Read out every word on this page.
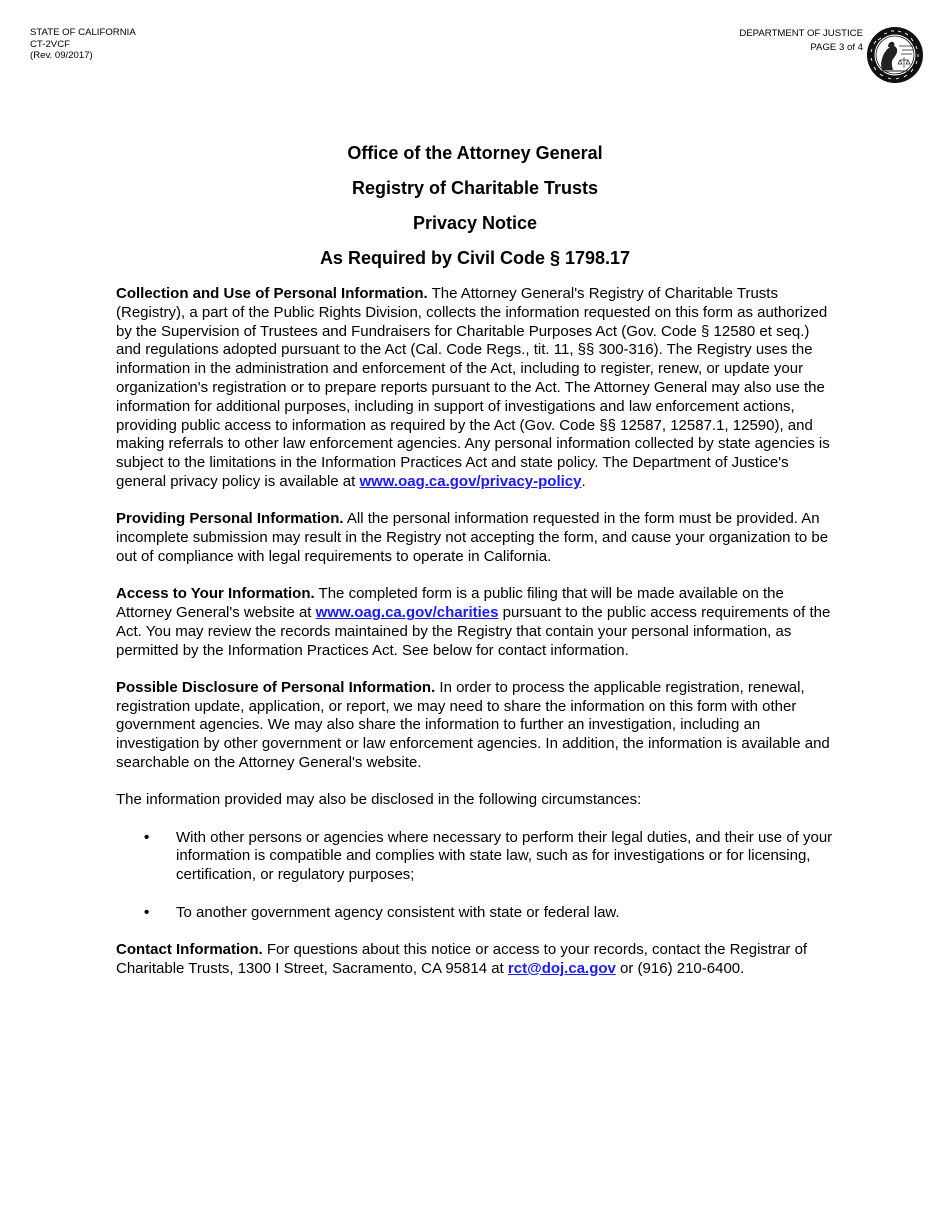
STATE OF CALIFORNIA
CT-2VCF
(Rev. 09/2017)
DEPARTMENT OF JUSTICE
PAGE 3 of 4
Office of the Attorney General
Registry of Charitable Trusts
Privacy Notice
As Required by Civil Code § 1798.17

Collection and Use of Personal Information. The Attorney General's Registry of Charitable Trusts (Registry), a part of the Public Rights Division, collects the information requested on this form as authorized by the Supervision of Trustees and Fundraisers for Charitable Purposes Act (Gov. Code § 12580 et seq.) and regulations adopted pursuant to the Act (Cal. Code Regs., tit. 11, §§ 300-316). The Registry uses the information in the administration and enforcement of the Act, including to register, renew, or update your organization's registration or to prepare reports pursuant to the Act. The Attorney General may also use the information for additional purposes, including in support of investigations and law enforcement actions, providing public access to information as required by the Act (Gov. Code §§ 12587, 12587.1, 12590), and making referrals to other law enforcement agencies. Any personal information collected by state agencies is subject to the limitations in the Information Practices Act and state policy. The Department of Justice's general privacy policy is available at www.oag.ca.gov/privacy-policy.

Providing Personal Information. All the personal information requested in the form must be provided. An incomplete submission may result in the Registry not accepting the form, and cause your organization to be out of compliance with legal requirements to operate in California.

Access to Your Information. The completed form is a public filing that will be made available on the Attorney General's website at www.oag.ca.gov/charities pursuant to the public access requirements of the Act. You may review the records maintained by the Registry that contain your personal information, as permitted by the Information Practices Act. See below for contact information.

Possible Disclosure of Personal Information. In order to process the applicable registration, renewal, registration update, application, or report, we may need to share the information on this form with other government agencies. We may also share the information to further an investigation, including an investigation by other government or law enforcement agencies. In addition, the information is available and searchable on the Attorney General's website.

The information provided may also be disclosed in the following circumstances:

• With other persons or agencies where necessary to perform their legal duties, and their use of your information is compatible and complies with state law, such as for investigations or for licensing, certification, or regulatory purposes;
• To another government agency consistent with state or federal law.

Contact Information. For questions about this notice or access to your records, contact the Registrar of Charitable Trusts, 1300 I Street, Sacramento, CA 95814 at rct@doj.ca.gov or (916) 210-6400.
